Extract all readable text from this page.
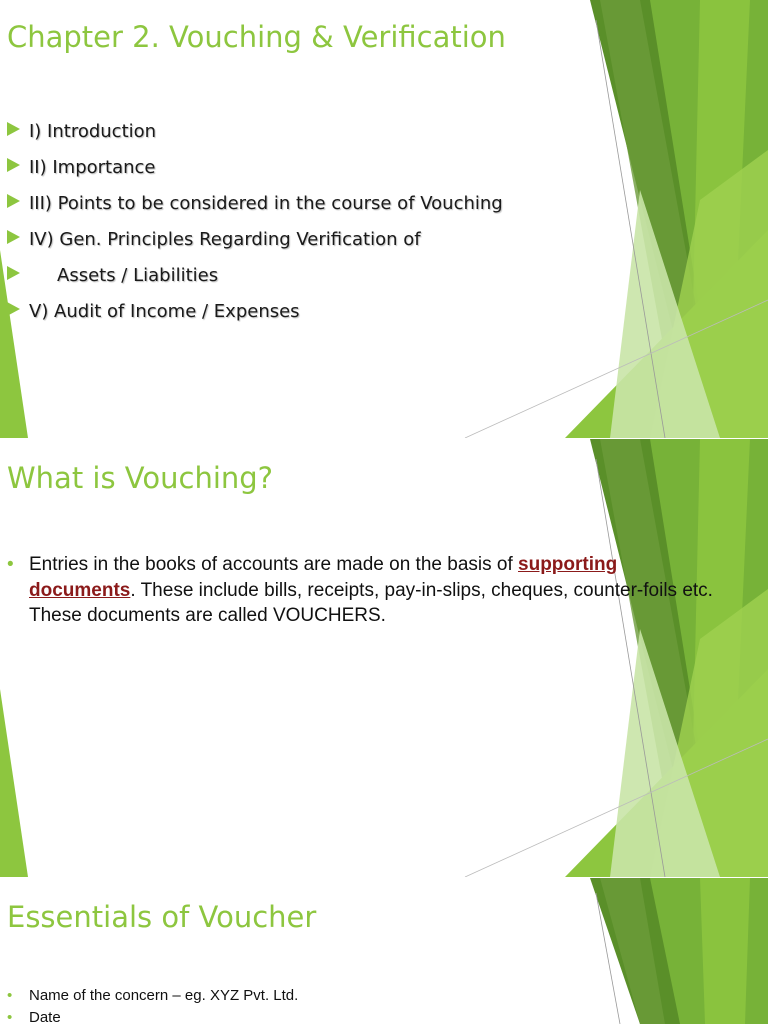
Chapter 2. Vouching & Verification
I) Introduction
II) Importance
III) Points to be considered in the course of Vouching
IV) Gen. Principles Regarding Verification of
Assets / Liabilities
V) Audit of Income / Expenses
What is Vouching?
• Entries in the books of accounts are made on the basis of supporting documents. These include bills, receipts, pay-in-slips, cheques, counter-foils etc. These documents are called VOUCHERS.
Essentials of Voucher
• Name of the concern – eg. XYZ Pvt. Ltd.
• Date
